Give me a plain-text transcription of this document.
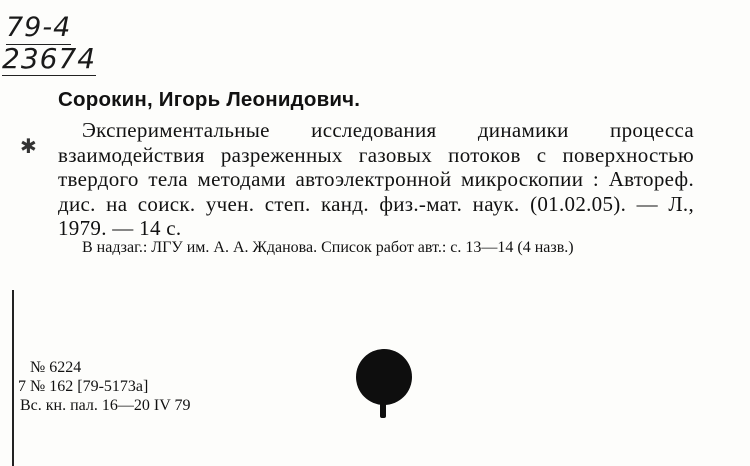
79-4
23674
Сорокин, Игорь Леонидович.
✱

Экспериментальные исследования динамики процесса взаимодействия разреженных газовых потоков с поверхностью твердого тела методами автоэлектронной микроскопии : Автореф. дис. на соиск. учен. степ. канд. физ.-мат. наук. (01.02.05). — Л., 1979. — 14 с.

В надзаг.: ЛГУ им. А. А. Жданова. Список работ авт.: с. 13—14 (4 назв.)

№ 6224
7 № 162 [79-5173а]
Вс. кн. пал. 16—20 IV 79
